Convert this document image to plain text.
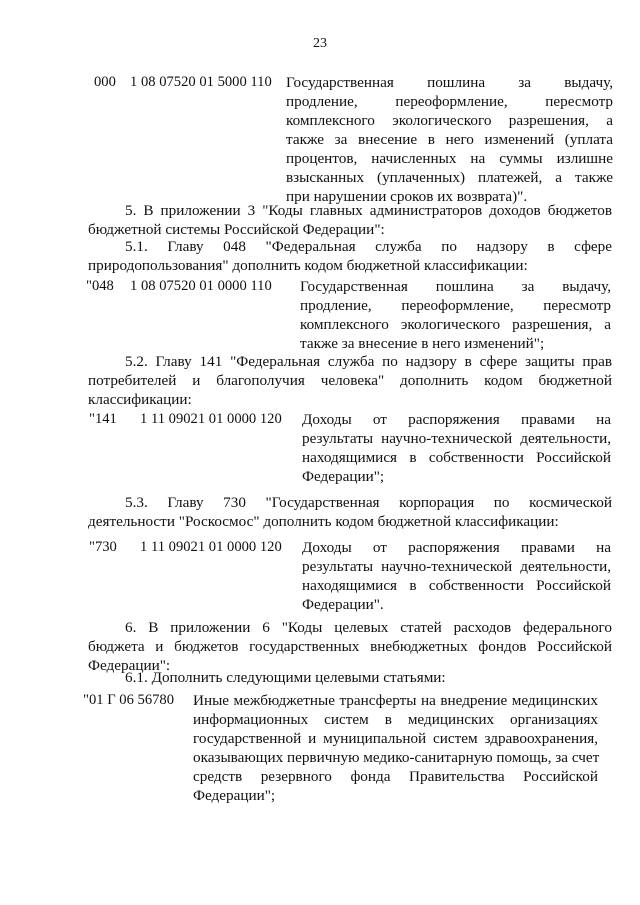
23
000 1 08 07520 01 5000 110 Государственная пошлина за выдачу,
продление, переоформление, пересмотр
комплексного экологического разрешения, а
также за внесение в него изменений (уплата
процентов, начисленных на суммы излишне
взысканных (уплаченных) платежей, а также
при нарушении сроков их возврата)".
5. В приложении 3 "Коды главных администраторов доходов бюджетов
бюджетной системы Российской Федерации":
5.1. Главу 048 "Федеральная служба по надзору в сфере
природопользования" дополнить кодом бюджетной классификации:
"048	1 08 07520 01 0000 110	Государственная пошлина за выдачу,
продление, переоформление, пересмотр
комплексного экологического разрешения, а
также за внесение в него изменений";
5.2. Главу 141 "Федеральная служба по надзору в сфере защиты прав
потребителей и благополучия человека" дополнить кодом бюджетной
классификации:
"141	1 11 09021 01 0000 120	Доходы от распоряжения правами на
результаты научно-технической деятельности,
находящимися в собственности Российской
Федерации";
5.3. Главу 730 "Государственная корпорация по космической
деятельности "Роскосмос" дополнить кодом бюджетной классификации:
"730	1 11 09021 01 0000 120	Доходы от распоряжения правами на
результаты научно-технической деятельности,
находящимися в собственности Российской
Федерации".
6. В приложении 6 "Коды целевых статей расходов федерального
бюджета и бюджетов государственных внебюджетных фондов Российской
Федерации":
6.1. Дополнить следующими целевыми статьями:
"01 Г 06 56780	Иные межбюджетные трансферты на внедрение медицинских
информационных систем в медицинских организациях
государственной и муниципальной систем здравоохранения,
оказывающих первичную медико-санитарную помощь, за счет
средств резервного фонда Правительства Российской
Федерации";
